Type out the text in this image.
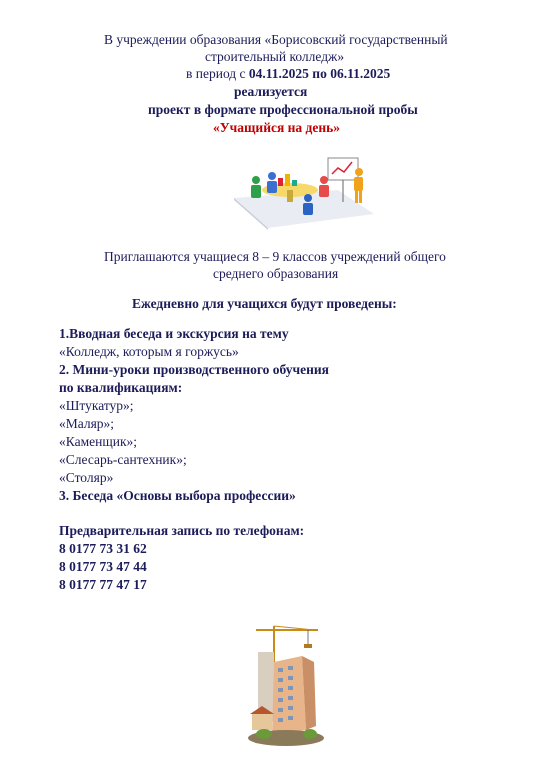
В учреждении образования «Борисовский государственный
строительный колледж»
в период с 04.11.2025 по 06.11.2025
реализуется
проект в формате профессиональной пробы
«Учащийся на день»
Приглашаются учащиеся 8 – 9 классов учреждений общего
среднего образования
Ежедневно для учащихся будут проведены:
1.Вводная беседа и экскурсия на тему
«Колледж, которым я горжусь»
2. Мини-уроки производственного обучения
по квалификациям:
«Штукатур»;
«Маляр»;
«Каменщик»;
«Слесарь-сантехник»;
«Столяр»
3. Беседа «Основы выбора профессии»
Предварительная запись по телефонам:
8 0177 73 31 62
8 0177 73 47 44
8 0177 77 47 17
